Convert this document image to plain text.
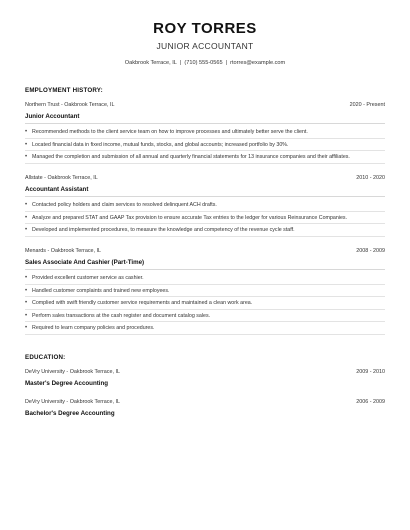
ROY TORRES
JUNIOR ACCOUNTANT
Oakbrook Terrace, IL | (710) 555-0565 | rtorres@example.com
EMPLOYMENT HISTORY:
Northern Trust - Oakbrook Terrace, IL	2020 - Present
Junior Accountant
• Recommended methods to the client service team on how to improve processes and ultimately better serve the client.
• Located financial data in fixed income, mutual funds, stocks, and global accounts; increased portfolio by 30%.
• Managed the completion and submission of all annual and quarterly financial statements for 13 insurance companies and their affiliates.
Allstate - Oakbrook Terrace, IL	2010 - 2020
Accountant Assistant
• Contacted policy holders and claim services to resolved delinquent ACH drafts.
• Analyze and prepared STAT and GAAP Tax provision to ensure accurate Tax entries to the ledger for various Reinsurance Companies.
• Developed and implemented procedures, to measure the knowledge and competency of the revenue cycle staff.
Menards - Oakbrook Terrace, IL	2008 - 2009
Sales Associate And Cashier (Part-Time)
• Provided excellent customer service as cashier.
• Handled customer complaints and trained new employees.
• Complied with swift friendly customer service requirements and maintained a clean work area.
• Perform sales transactions at the cash register and document catalog sales.
• Required to learn company policies and procedures.
EDUCATION:
DeVry University - Oakbrook Terrace, IL	2009 - 2010
Master's Degree Accounting
DeVry University - Oakbrook Terrace, IL	2006 - 2009
Bachelor's Degree Accounting
